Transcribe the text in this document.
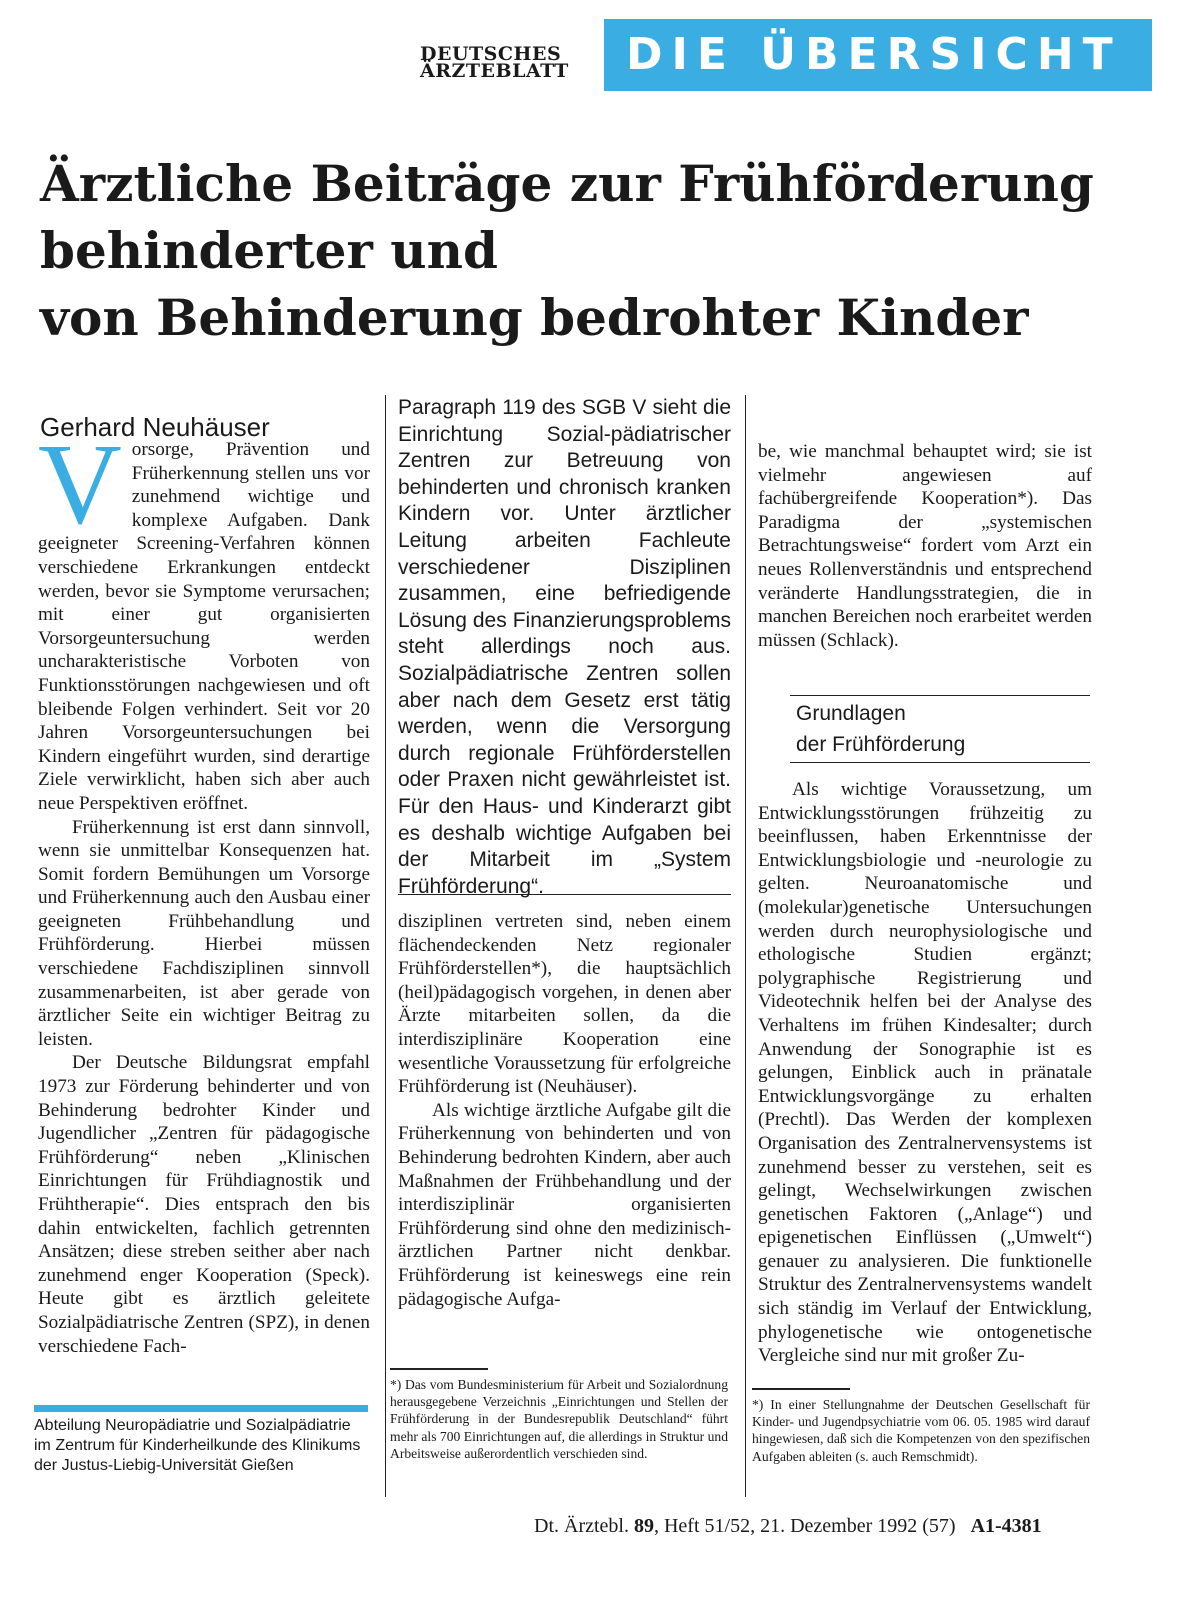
DEUTSCHES
ÄRZTEBLATT	DIE ÜBERSICHT
Ärztliche Beiträge zur Frühförderung
behinderter und
von Behinderung bedrohter Kinder
Gerhard Neuhäuser

Vorsorge, Prävention und Früherkennung stellen uns vor zunehmend wichtige und komplexe Aufgaben. Dank geeigneter Screening-Verfahren können verschiedene Erkrankungen entdeckt werden, bevor sie Symptome verursachen; mit einer gut organisierten Vorsorgeuntersuchung werden uncharakteristische Vorboten von Funktionsstörungen nachgewiesen und oft bleibende Folgen verhindert. Seit vor 20 Jahren Vorsorgeuntersuchungen bei Kindern eingeführt wurden, sind derartige Ziele verwirklicht, haben sich aber auch neue Perspektiven eröffnet.

Früherkennung ist erst dann sinnvoll, wenn sie unmittelbar Konsequenzen hat. Somit fordern Bemühungen um Vorsorge und Früherkennung auch den Ausbau einer geeigneten Frühbehandlung und Frühförderung. Hierbei müssen verschiedene Fachdisziplinen sinnvoll zusammenarbeiten, ist aber gerade von ärztlicher Seite ein wichtiger Beitrag zu leisten.

Der Deutsche Bildungsrat empfahl 1973 zur Förderung behinderter und von Behinderung bedrohter Kinder und Jugendlicher „Zentren für pädagogische Frühförderung“ neben „Klinischen Einrichtungen für Frühdiagnostik und Frühtherapie“. Dies entsprach den bis dahin entwickelten, fachlich getrennten Ansätzen; diese streben seither aber nach zunehmend enger Kooperation (Speck). Heute gibt es ärztlich geleitete Sozialpädiatrische Zentren (SPZ), in denen verschiedene Fach-

Paragraph 119 des SGB V sieht die Einrichtung Sozial-pädiatrischer Zentren zur Betreuung von behinderten und chronisch kranken Kindern vor. Unter ärztlicher Leitung arbeiten Fachleute verschiedener Disziplinen zusammen, eine befriedigende Lösung des Finanzierungsproblems steht allerdings noch aus. Sozialpädiatrische Zentren sollen aber nach dem Gesetz erst tätig werden, wenn die Versorgung durch regionale Frühförderstellen oder Praxen nicht gewährleistet ist. Für den Haus- und Kinderarzt gibt es deshalb wichtige Aufgaben bei der Mitarbeit im „System Frühförderung“.

disziplinen vertreten sind, neben einem flächendeckenden Netz regionaler Frühförderstellen*), die hauptsächlich (heil)pädagogisch vorgehen, in denen aber Ärzte mitarbeiten sollen, da die interdisziplinäre Kooperation eine wesentliche Voraussetzung für erfolgreiche Frühförderung ist (Neuhäuser).

Als wichtige ärztliche Aufgabe gilt die Früherkennung von behinderten und von Behinderung bedrohten Kindern, aber auch Maßnahmen der Frühbehandlung und der interdisziplinär organisierten Frühförderung sind ohne den medizinisch-ärztlichen Partner nicht denkbar. Frühförderung ist keineswegs eine rein pädagogische Aufga-

be, wie manchmal behauptet wird; sie ist vielmehr angewiesen auf fachübergreifende Kooperation*). Das Paradigma der „systemischen Betrachtungsweise“ fordert vom Arzt ein neues Rollenverständnis und entsprechend veränderte Handlungsstrategien, die in manchen Bereichen noch erarbeitet werden müssen (Schlack).

Grundlagen
der Frühförderung

Als wichtige Voraussetzung, um Entwicklungsstörungen frühzeitig zu beeinflussen, haben Erkenntnisse der Entwicklungsbiologie und -neurologie zu gelten. Neuroanatomische und (molekular)genetische Untersuchungen werden durch neurophysiologische und ethologische Studien ergänzt; polygraphische Registrierung und Videotechnik helfen bei der Analyse des Verhaltens im frühen Kindesalter; durch Anwendung der Sonographie ist es gelungen, Einblick auch in pränatale Entwicklungsvorgänge zu erhalten (Prechtl). Das Werden der komplexen Organisation des Zentralnervensystems ist zunehmend besser zu verstehen, seit es gelingt, Wechselwirkungen zwischen genetischen Faktoren („Anlage“) und epigenetischen Einflüssen („Umwelt“) genauer zu analysieren. Die funktionelle Struktur des Zentralnervensystems wandelt sich ständig im Verlauf der Entwicklung, phylogenetische wie ontogenetische Vergleiche sind nur mit großer Zu-

*) Das vom Bundesministerium für Arbeit und Sozialordnung herausgegebene Verzeichnis „Einrichtungen und Stellen der Frühförderung in der Bundesrepublik Deutschland“ führt mehr als 700 Einrichtungen auf, die allerdings in Struktur und Arbeitsweise außerordentlich verschieden sind.
*) In einer Stellungnahme der Deutschen Gesellschaft für Kinder- und Jugendpsychiatrie vom 06. 05. 1985 wird darauf hingewiesen, daß sich die Kompetenzen von den spezifischen Aufgaben ableiten (s. auch Remschmidt).
Abteilung Neuropädiatrie und Sozialpädiatrie im Zentrum für Kinderheilkunde des Klinikums der Justus-Liebig-Universität Gießen
Dt. Ärztebl. 89, Heft 51/52, 21. Dezember 1992 (57) A1-4381
